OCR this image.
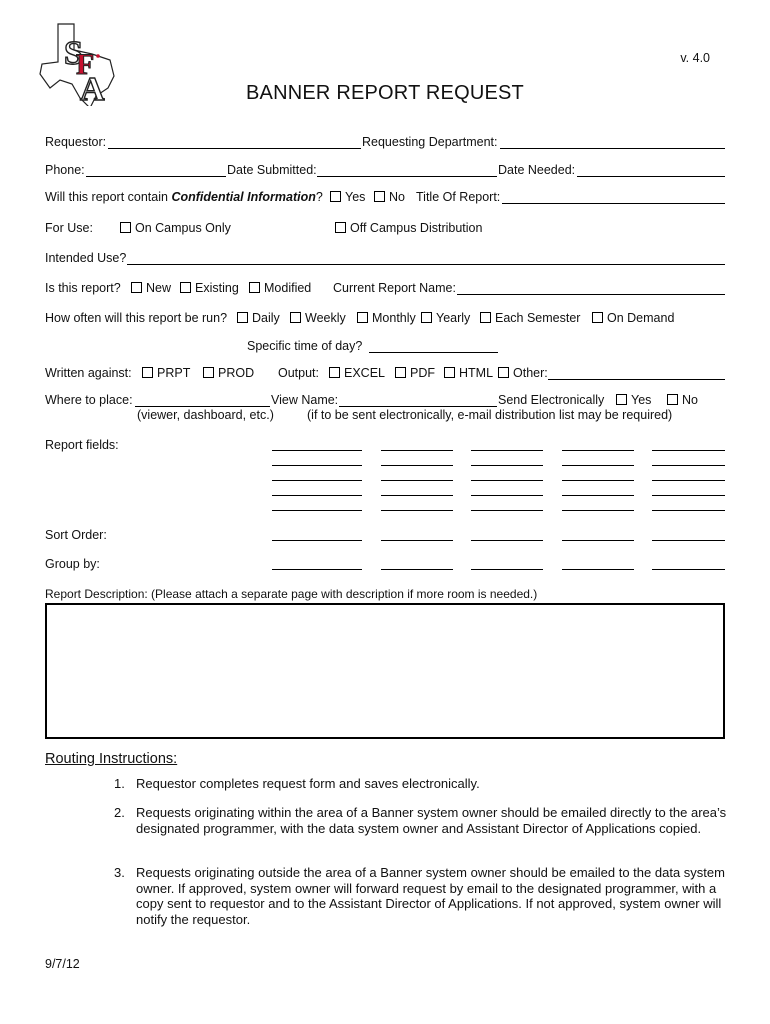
S
F
A
v. 4.0
BANNER REPORT REQUEST
Requestor:	Requesting Department:
Phone:	Date Submitted:	Date Needed:
Will this report contain Confidential Information?	Yes	No Title Of Report:
For Use:	On Campus Only	Off Campus Distribution
Intended Use?
Is this report?	New	Existing	Modified Current Report Name:
How often will this report be run?	Daily	Weekly	Monthly	Yearly	Each Semester	On Demand
Specific time of day?
Written against:	PRPT	PROD Output:	EXCEL	PDF	HTML	Other:
Where to place:	View Name:	Send Electronically	Yes	No
(viewer, dashboard, etc.)	(if to be sent electronically, e-mail distribution list may be required)
Report fields:
Sort Order:
Group by:
Report Description: (Please attach a separate page with description if more room is needed.)
Routing Instructions:
1. Requestor completes request form and saves electronically.
2. Requests originating within the area of a Banner system owner should be emailed directly to the area’s designated programmer, with the data system owner and Assistant Director of Applications copied.
3. Requests originating outside the area of a Banner system owner should be emailed to the data system owner. If approved, system owner will forward request by email to the designated programmer, with a copy sent to requestor and to the Assistant Director of Applications. If not approved, system owner will notify the requestor.
9/7/12
